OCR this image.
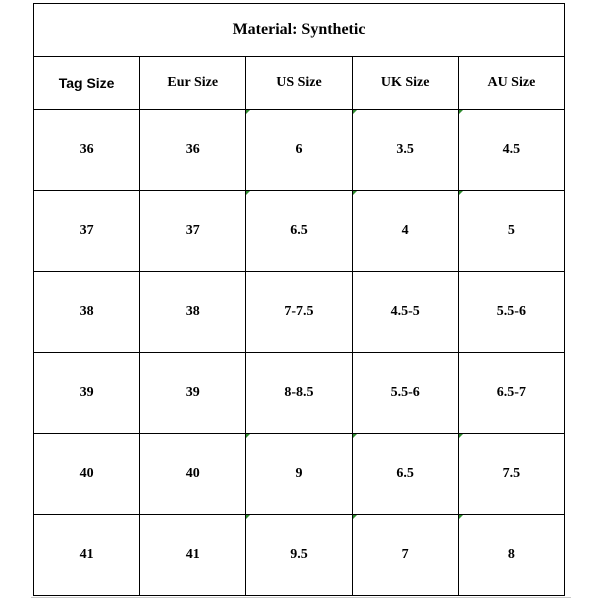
Material: Synthetic				
Tag Size	Eur Size	US Size	UK Size	AU Size
36	36	6	3.5	4.5
37	37	6.5	4	5
38	38	7-7.5	4.5-5	5.5-6
39	39	8-8.5	5.5-6	6.5-7
40	40	9	6.5	7.5
41	41	9.5	7	8
